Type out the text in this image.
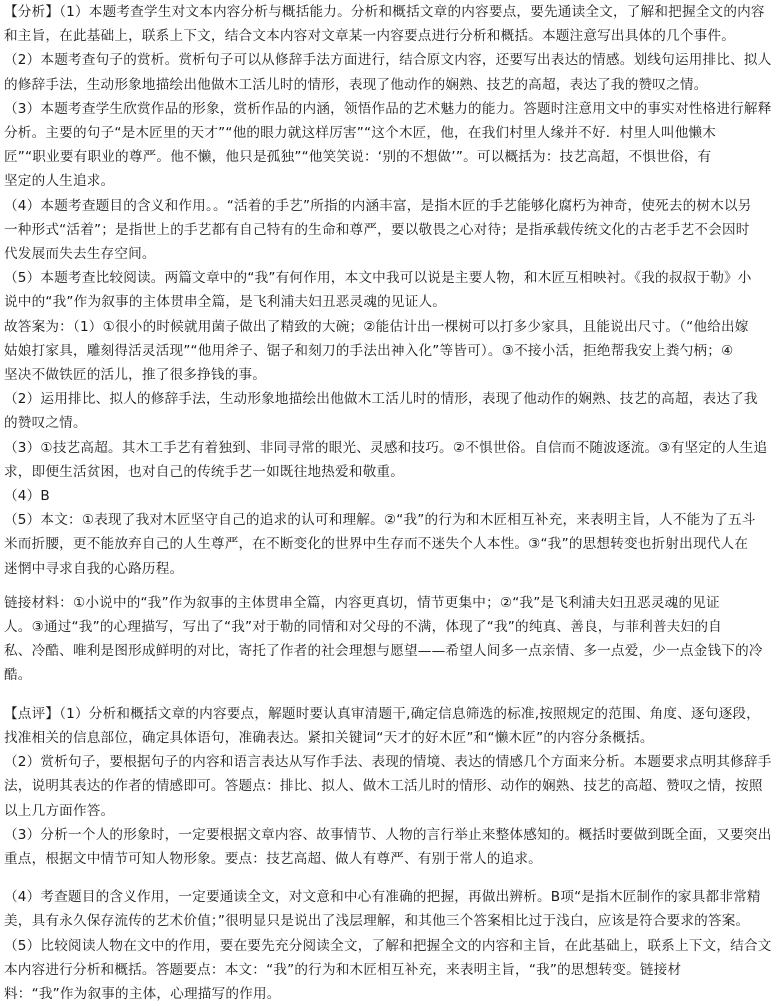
【分析】（1）本题考查学生对文本内容分析与概括能力。分析和概括文章的内容要点，要先通读全文，了解和把握全文的内容
和主旨，在此基础上，联系上下文，结合文本内容对文章某一内容要点进行分析和概括。本题注意写出具体的几个事件。
（2）本题考查句子的赏析。赏析句子可以从修辞手法方面进行，结合原文内容，还要写出表达的情感。划线句运用排比、拟人
的修辞手法，生动形象地描绘出他做木工活儿时的情形，表现了他动作的娴熟、技艺的高超，表达了我的赞叹之情。
（3）本题考查学生欣赏作品的形象，赏析作品的内涵，领悟作品的艺术魅力的能力。答题时注意用文中的事实对性格进行解释
分析。主要的句子“是木匠里的天才”“他的眼力就这样厉害”“这个木匠，他，在我们村里人缘并不好．村里人叫他懒木
匠”“职业要有职业的尊严。他不懒，他只是孤独”“他笑笑说：‘别的不想做’”。可以概括为：技艺高超，不惧世俗，有
坚定的人生追求。
（4）本题考查题目的含义和作用。。“活着的手艺”所指的内涵丰富，是指木匠的手艺能够化腐朽为神奇，使死去的树木以另
一种形式“活着”；是指世上的手艺都有自己特有的生命和尊严，要以敬畏之心对待；是指承载传统文化的古老手艺不会因时
代发展而失去生存空间。
（5）本题考查比较阅读。两篇文章中的“我”有何作用，本文中我可以说是主要人物，和木匠互相映衬。《我的叔叔于勒》小
说中的“我”作为叙事的主体贯串全篇，是飞利浦夫妇丑恶灵魂的见证人。
故答案为：（1）①很小的时候就用菌子做出了精致的大碗；②能估计出一棵树可以打多少家具，且能说出尺寸。（“他给出嫁
姑娘打家具，雕刻得活灵活现”“他用斧子、锯子和刻刀的手法出神入化”等皆可）。③不接小活，拒绝帮我安上粪勺柄；④
坚决不做铁匠的活儿，推了很多挣钱的事。
（2）运用排比、拟人的修辞手法，生动形象地描绘出他做木工活儿时的情形，表现了他动作的娴熟、技艺的高超，表达了我
的赞叹之情。
（3）①技艺高超。其木工手艺有着独到、非同寻常的眼光、灵感和技巧。②不惧世俗。自信而不随波逐流。③有坚定的人生追
求，即便生活贫困，也对自己的传统手艺一如既往地热爱和敬重。
（4）B
（5）本文：①表现了我对木匠坚守自己的追求的认可和理解。②“我”的行为和木匠相互补充，来表明主旨，人不能为了五斗
米而折腰，更不能放弃自己的人生尊严，在不断变化的世界中生存而不迷失个人本性。③“我”的思想转变也折射出现代人在
迷惘中寻求自我的心路历程。
链接材料：①小说中的“我”作为叙事的主体贯串全篇，内容更真切，情节更集中；②“我”是飞利浦夫妇丑恶灵魂的见证
人。③通过“我”的心理描写，写出了“我”对于勒的同情和对父母的不满，体现了“我”的纯真、善良，与菲利普夫妇的自
私、冷酷、唯利是图形成鲜明的对比，寄托了作者的社会理想与愿望——希望人间多一点亲情、多一点爱，少一点金钱下的冷
酷。
【点评】（1）分析和概括文章的内容要点，解题时要认真审清题干,确定信息筛选的标准,按照规定的范围、角度、逐句逐段，
找准相关的信息部位，确定具体语句，准确表达。紧扣关键词“天才的好木匠”和“懒木匠”的内容分条概括。
（2）赏析句子，要根据句子的内容和语言表达从写作手法、表现的情境、表达的情感几个方面来分析。本题要求点明其修辞手
法，说明其表达的作者的情感即可。答题点：排比、拟人、做木工活儿时的情形、动作的娴熟、技艺的高超、赞叹之情，按照
以上几方面作答。
（3）分析一个人的形象时，一定要根据文章内容、故事情节、人物的言行举止来整体感知的。概括时要做到既全面，又要突出
重点，根据文中情节可知人物形象。要点：技艺高超、做人有尊严、有别于常人的追求。
（4）考查题目的含义作用，一定要通读全文，对文意和中心有准确的把握，再做出辨析。B项“是指木匠制作的家具都非常精
美，具有永久保存流传的艺术价值；”很明显只是说出了浅层理解，和其他三个答案相比过于浅白，应该是符合要求的答案。
（5）比较阅读人物在文中的作用，要在要先充分阅读全文，了解和把握全文的内容和主旨，在此基础上，联系上下文，结合文
本内容进行分析和概括。答题要点：本文：“我”的行为和木匠相互补充，来表明主旨，“我”的思想转变。链接材
料：“我”作为叙事的主体，心理描写的作用。
